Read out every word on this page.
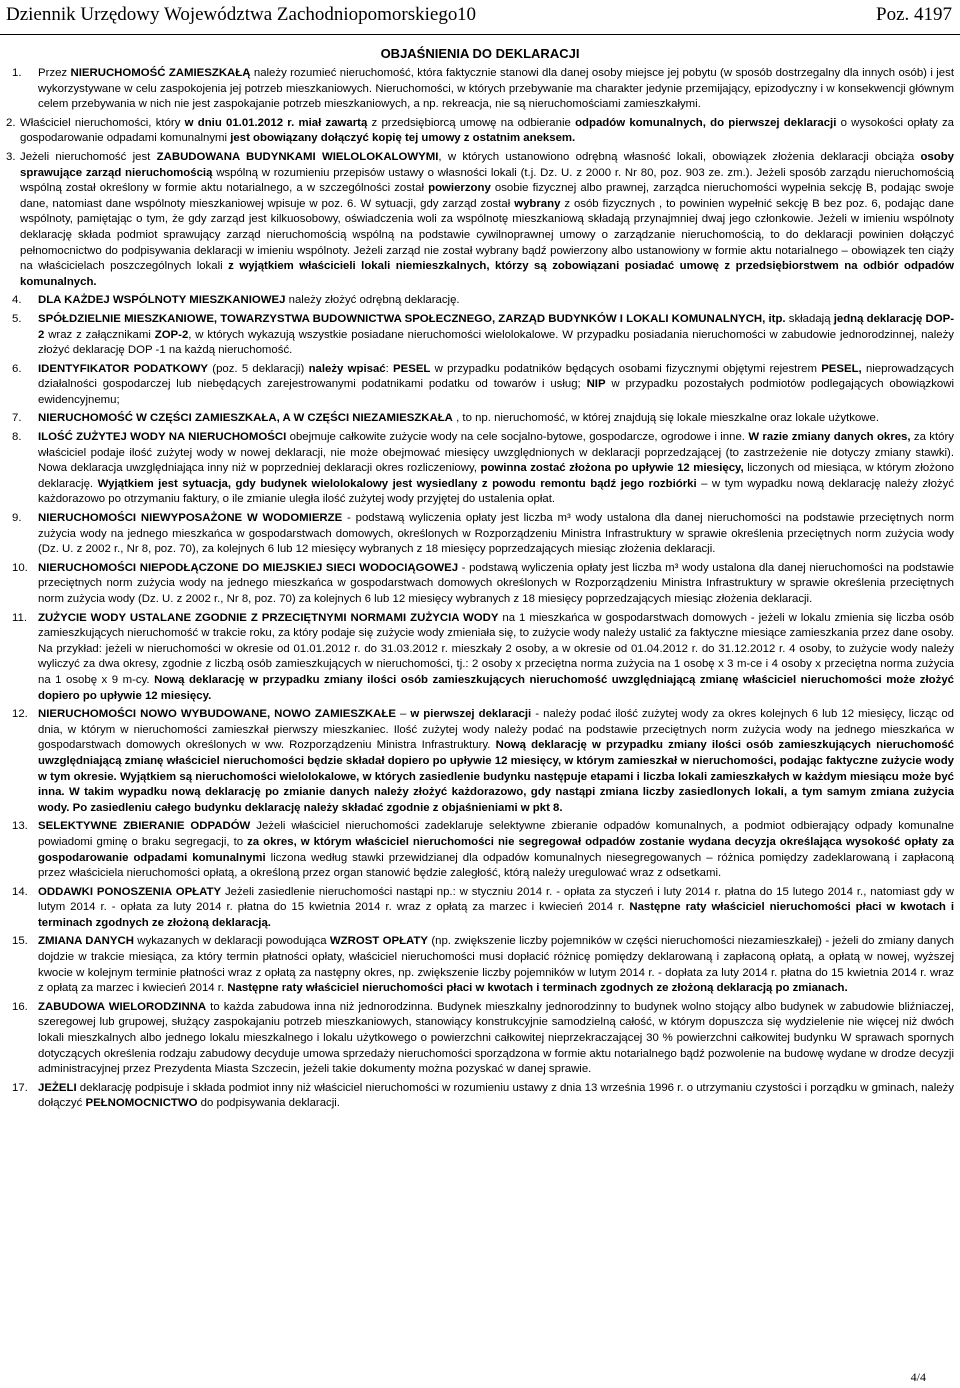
Dziennik Urzędowy Województwa Zachodniopomorskiego 10	Poz. 4197
OBJAŚNIENIA DO DEKLARACJI
1.	Przez NIERUCHOMOŚĆ ZAMIESZKAŁĄ należy rozumieć nieruchomość, która faktycznie stanowi dla danej osoby miejsce jej pobytu (w sposób dostrzegalny dla innych osób) i jest wykorzystywane w celu zaspokojenia jej potrzeb mieszkaniowych. Nieruchomości, w których przebywanie ma charakter jedynie przemijający, epizodyczny i w konsekwencji głównym celem przebywania w nich nie jest zaspokajanie potrzeb mieszkaniowych, a np. rekreacja, nie są nieruchomościami zamieszkałymi.
2. Właściciel nieruchomości, który w dniu 01.01.2012 r. miał zawartą z przedsiębiorcą umowę na odbieranie odpadów komunalnych, do pierwszej deklaracji o wysokości opłaty za gospodarowanie odpadami komunalnymi jest obowiązany dołączyć kopię tej umowy z ostatnim aneksem.
3. Jeżeli nieruchomość jest ZABUDOWANA BUDYNKAMI WIELOLOKALOWYMI, w których ustanowiono odrębną własność lokali, obowiązek złożenia deklaracji obciąża osoby sprawujące zarząd nieruchomością wspólną w rozumieniu przepisów ustawy o własności lokali (t.j. Dz. U. z 2000 r. Nr 80, poz. 903 ze. zm.). Jeżeli sposób zarządu nieruchomością wspólną został określony w formie aktu notarialnego, a w szczególności został powierzony osobie fizycznej albo prawnej, zarządca nieruchomości wypełnia sekcję B, podając swoje dane, natomiast dane wspólnoty mieszkaniowej wpisuje w poz. 6. W sytuacji, gdy zarząd został wybrany z osób fizycznych , to powinien wypełnić sekcję B bez poz. 6, podając dane wspólnoty, pamiętając o tym, że gdy zarząd jest kilkuosobowy, oświadczenia woli za wspólnotę mieszkaniową składają przynajmniej dwaj jego członkowie. Jeżeli w imieniu wspólnoty deklarację składa podmiot sprawujący zarząd nieruchomością wspólną na podstawie cywilnoprawnej umowy o zarządzanie nieruchomością, to do deklaracji powinien dołączyć pełnomocnictwo do podpisywania deklaracji w imieniu wspólnoty. Jeżeli zarząd nie został wybrany bądź powierzony albo ustanowiony w formie aktu notarialnego – obowiązek ten ciąży na właścicielach poszczególnych lokali z wyjątkiem właścicieli lokali niemieszkalnych, którzy są zobowiązani posiadać umowę z przedsiębiorstwem na odbiór odpadów komunalnych.
4.	DLA KAŻDEJ WSPÓLNOTY MIESZKANIOWEJ należy złożyć odrębną deklarację.
5.	SPÓŁDZIELNIE MIESZKANIOWE, TOWARZYSTWA BUDOWNICTWA SPOŁECZNEGO, ZARZĄD BUDYNKÓW I LOKALI KOMUNALNYCH, itp. składają jedną deklarację DOP-2 wraz z załącznikami ZOP-2, w których wykazują wszystkie posiadane nieruchomości wielolokalowe. W przypadku posiadania nieruchomości w zabudowie jednorodzinnej, należy złożyć deklarację DOP -1 na każdą nieruchomość.
6.	IDENTYFIKATOR PODATKOWY (poz. 5 deklaracji) należy wpisać: PESEL w przypadku podatników będących osobami fizycznymi objętymi rejestrem PESEL, nieprowadzących działalności gospodarczej lub niebędących zarejestrowanymi podatnikami podatku od towarów i usług; NIP w przypadku pozostałych podmiotów podlegających obowiązkowi ewidencyjnemu;
7.	NIERUCHOMOŚĆ W CZĘŚCI ZAMIESZKAŁA, A W CZĘŚCI NIEZAMIESZKAŁA , to np. nieruchomość, w której znajdują się lokale mieszkalne oraz lokale użytkowe.
8.	ILOŚĆ ZUŻYTEJ WODY NA NIERUCHOMOŚCI obejmuje całkowite zużycie wody na cele socjalno-bytowe, gospodarcze, ogrodowe i inne. W razie zmiany danych okres, za który właściciel podaje ilość zużytej wody w nowej deklaracji, nie może obejmować miesięcy uwzględnionych w deklaracji poprzedzającej (to zastrzeżenie nie dotyczy zmiany stawki). Nowa deklaracja uwzględniająca inny niż w poprzedniej deklaracji okres rozliczeniowy, powinna zostać złożona po upływie 12 miesięcy, liczonych od miesiąca, w którym złożono deklarację. Wyjątkiem jest sytuacja, gdy budynek wielolokalowy jest wysiedlany z powodu remontu bądź jego rozbiórki – w tym wypadku nową deklarację należy złożyć każdorazowo po otrzymaniu faktury, o ile zmianie uległa ilość zużytej wody przyjętej do ustalenia opłat.
9.	NIERUCHOMOŚCI NIEWYPOSAŻONE W WODOMIERZE - podstawą wyliczenia opłaty jest liczba m³ wody ustalona dla danej nieruchomości na podstawie przeciętnych norm zużycia wody na jednego mieszkańca w gospodarstwach domowych, określonych w Rozporządzeniu Ministra Infrastruktury w sprawie określenia przeciętnych norm zużycia wody (Dz. U. z 2002 r., Nr 8, poz. 70), za kolejnych 6 lub 12 miesięcy wybranych z 18 miesięcy poprzedzających miesiąc złożenia deklaracji.
10. NIERUCHOMOŚCI NIEPODŁĄCZONE DO MIEJSKIEJ SIECI WODOCIĄGOWEJ - podstawą wyliczenia opłaty jest liczba m³ wody ustalona dla danej nieruchomości na podstawie przeciętnych norm zużycia wody na jednego mieszkańca w gospodarstwach domowych określonych w Rozporządzeniu Ministra Infrastruktury w sprawie określenia przeciętnych norm zużycia wody (Dz. U. z 2002 r., Nr 8, poz. 70) za kolejnych 6 lub 12 miesięcy wybranych z 18 miesięcy poprzedzających miesiąc złożenia deklaracji.
11. ZUŻYCIE WODY USTALANE ZGODNIE Z PRZECIĘTNYMI NORMAMI ZUŻYCIA WODY na 1 mieszkańca w gospodarstwach domowych - jeżeli w lokalu zmienia się liczba osób zamieszkujących nieruchomość w trakcie roku, za który podaje się zużycie wody zmieniała się, to zużycie wody należy ustalić za faktyczne miesiące zamieszkania przez dane osoby. Na przykład: jeżeli w nieruchomości w okresie od 01.01.2012 r. do 31.03.2012 r. mieszkały 2 osoby, a w okresie od 01.04.2012 r. do 31.12.2012 r. 4 osoby, to zużycie wody należy wyliczyć za dwa okresy, zgodnie z liczbą osób zamieszkujących w nieruchomości, tj.: 2 osoby x przeciętna norma zużycia na 1 osobę x 3 m-ce i 4 osoby x przeciętna norma zużycia na 1 osobę x 9 m-cy. Nową deklarację w przypadku zmiany ilości osób zamieszkujących nieruchomość uwzględniającą zmianę właściciel nieruchomości może złożyć dopiero po upływie 12 miesięcy.
12. NIERUCHOMOŚCI NOWO WYBUDOWANE, NOWO ZAMIESZKAŁE – w pierwszej deklaracji - należy podać ilość zużytej wody za okres kolejnych 6 lub 12 miesięcy, licząc od dnia, w którym w nieruchomości zamieszkał pierwszy mieszkaniec. Ilość zużytej wody należy podać na podstawie przeciętnych norm zużycia wody na jednego mieszkańca w gospodarstwach domowych określonych w ww. Rozporządzeniu Ministra Infrastruktury. Nową deklarację w przypadku zmiany ilości osób zamieszkujących nieruchomość uwzględniającą zmianę właściciel nieruchomości będzie składał dopiero po upływie 12 miesięcy, w którym zamieszkał w nieruchomości, podając faktyczne zużycie wody w tym okresie. Wyjątkiem są nieruchomości wielolokalowe, w których zasiedlenie budynku następuje etapami i liczba lokali zamieszkałych w każdym miesiącu może być inna. W takim wypadku nową deklarację po zmianie danych należy złożyć każdorazowo, gdy nastąpi zmiana liczby zasiedlonych lokali, a tym samym zmiana zużycia wody. Po zasiedleniu całego budynku deklarację należy składać zgodnie z objaśnieniami w pkt 8.
13. SELEKTYWNE ZBIERANIE ODPADÓW Jeżeli właściciel nieruchomości zadeklaruje selektywne zbieranie odpadów komunalnych, a podmiot odbierający odpady komunalne powiadomi gminę o braku segregacji, to za okres, w którym właściciel nieruchomości nie segregował odpadów zostanie wydana decyzja określająca wysokość opłaty za gospodarowanie odpadami komunalnymi liczona według stawki przewidzianej dla odpadów komunalnych niesegregowanych – różnica pomiędzy zadeklarowaną i zapłaconą przez właściciela nieruchomości opłatą, a określoną przez organ stanowić będzie zaległość, którą należy uregulować wraz z odsetkami.
14. ODDAWKI PONOSZENIA OPŁATY Jeżeli zasiedlenie nieruchomości nastąpi np.: w styczniu 2014 r. - opłata za styczeń i luty 2014 r. płatna do 15 lutego 2014 r., natomiast gdy w lutym 2014 r. - opłata za luty 2014 r. płatna do 15 kwietnia 2014 r. wraz z opłatą za marzec i kwiecień 2014 r. Następne raty właściciel nieruchomości płaci w kwotach i terminach zgodnych ze złożoną deklaracją.
15. ZMIANA DANYCH wykazanych w deklaracji powodująca WZROST OPŁATY (np. zwiększenie liczby pojemników w części nieruchomości niezamieszkałej) - jeżeli do zmiany danych dojdzie w trakcie miesiąca, za który termin płatności opłaty, właściciel nieruchomości musi dopłacić różnicę pomiędzy deklarowaną i zapłaconą opłatą, a opłatą w nowej, wyższej kwocie w kolejnym terminie płatności wraz z opłatą za następny okres, np. zwiększenie liczby pojemników w lutym 2014 r. - dopłata za luty 2014 r. płatna do 15 kwietnia 2014 r. wraz z opłatą za marzec i kwiecień 2014 r. Następne raty właściciel nieruchomości płaci w kwotach i terminach zgodnych ze złożoną deklaracją po zmianach.
16. ZABUDOWA WIELORODZINNA to każda zabudowa inna niż jednorodzinna. Budynek mieszkalny jednorodzinny to budynek wolno stojący albo budynek w zabudowie bliźniaczej, szeregowej lub grupowej, służący zaspokajaniu potrzeb mieszkaniowych, stanowiący konstrukcyjnie samodzielną całość, w którym dopuszcza się wydzielenie nie więcej niż dwóch lokali mieszkalnych albo jednego lokalu mieszkalnego i lokalu użytkowego o powierzchni całkowitej nieprzekraczającej 30 % powierzchni całkowitej budynku W sprawach spornych dotyczących określenia rodzaju zabudowy decyduje umowa sprzedaży nieruchomości sporządzona w formie aktu notarialnego bądź pozwolenie na budowę wydane w drodze decyzji administracyjnej przez Prezydenta Miasta Szczecin, jeżeli takie dokumenty można pozyskać w danej sprawie.
17. JEŻELI deklarację podpisuje i składa podmiot inny niż właściciel nieruchomości w rozumieniu ustawy z dnia 13 września 1996 r. o utrzymaniu czystości i porządku w gminach, należy dołączyć PEŁNOMOCNICTWO do podpisywania deklaracji.
4/4
